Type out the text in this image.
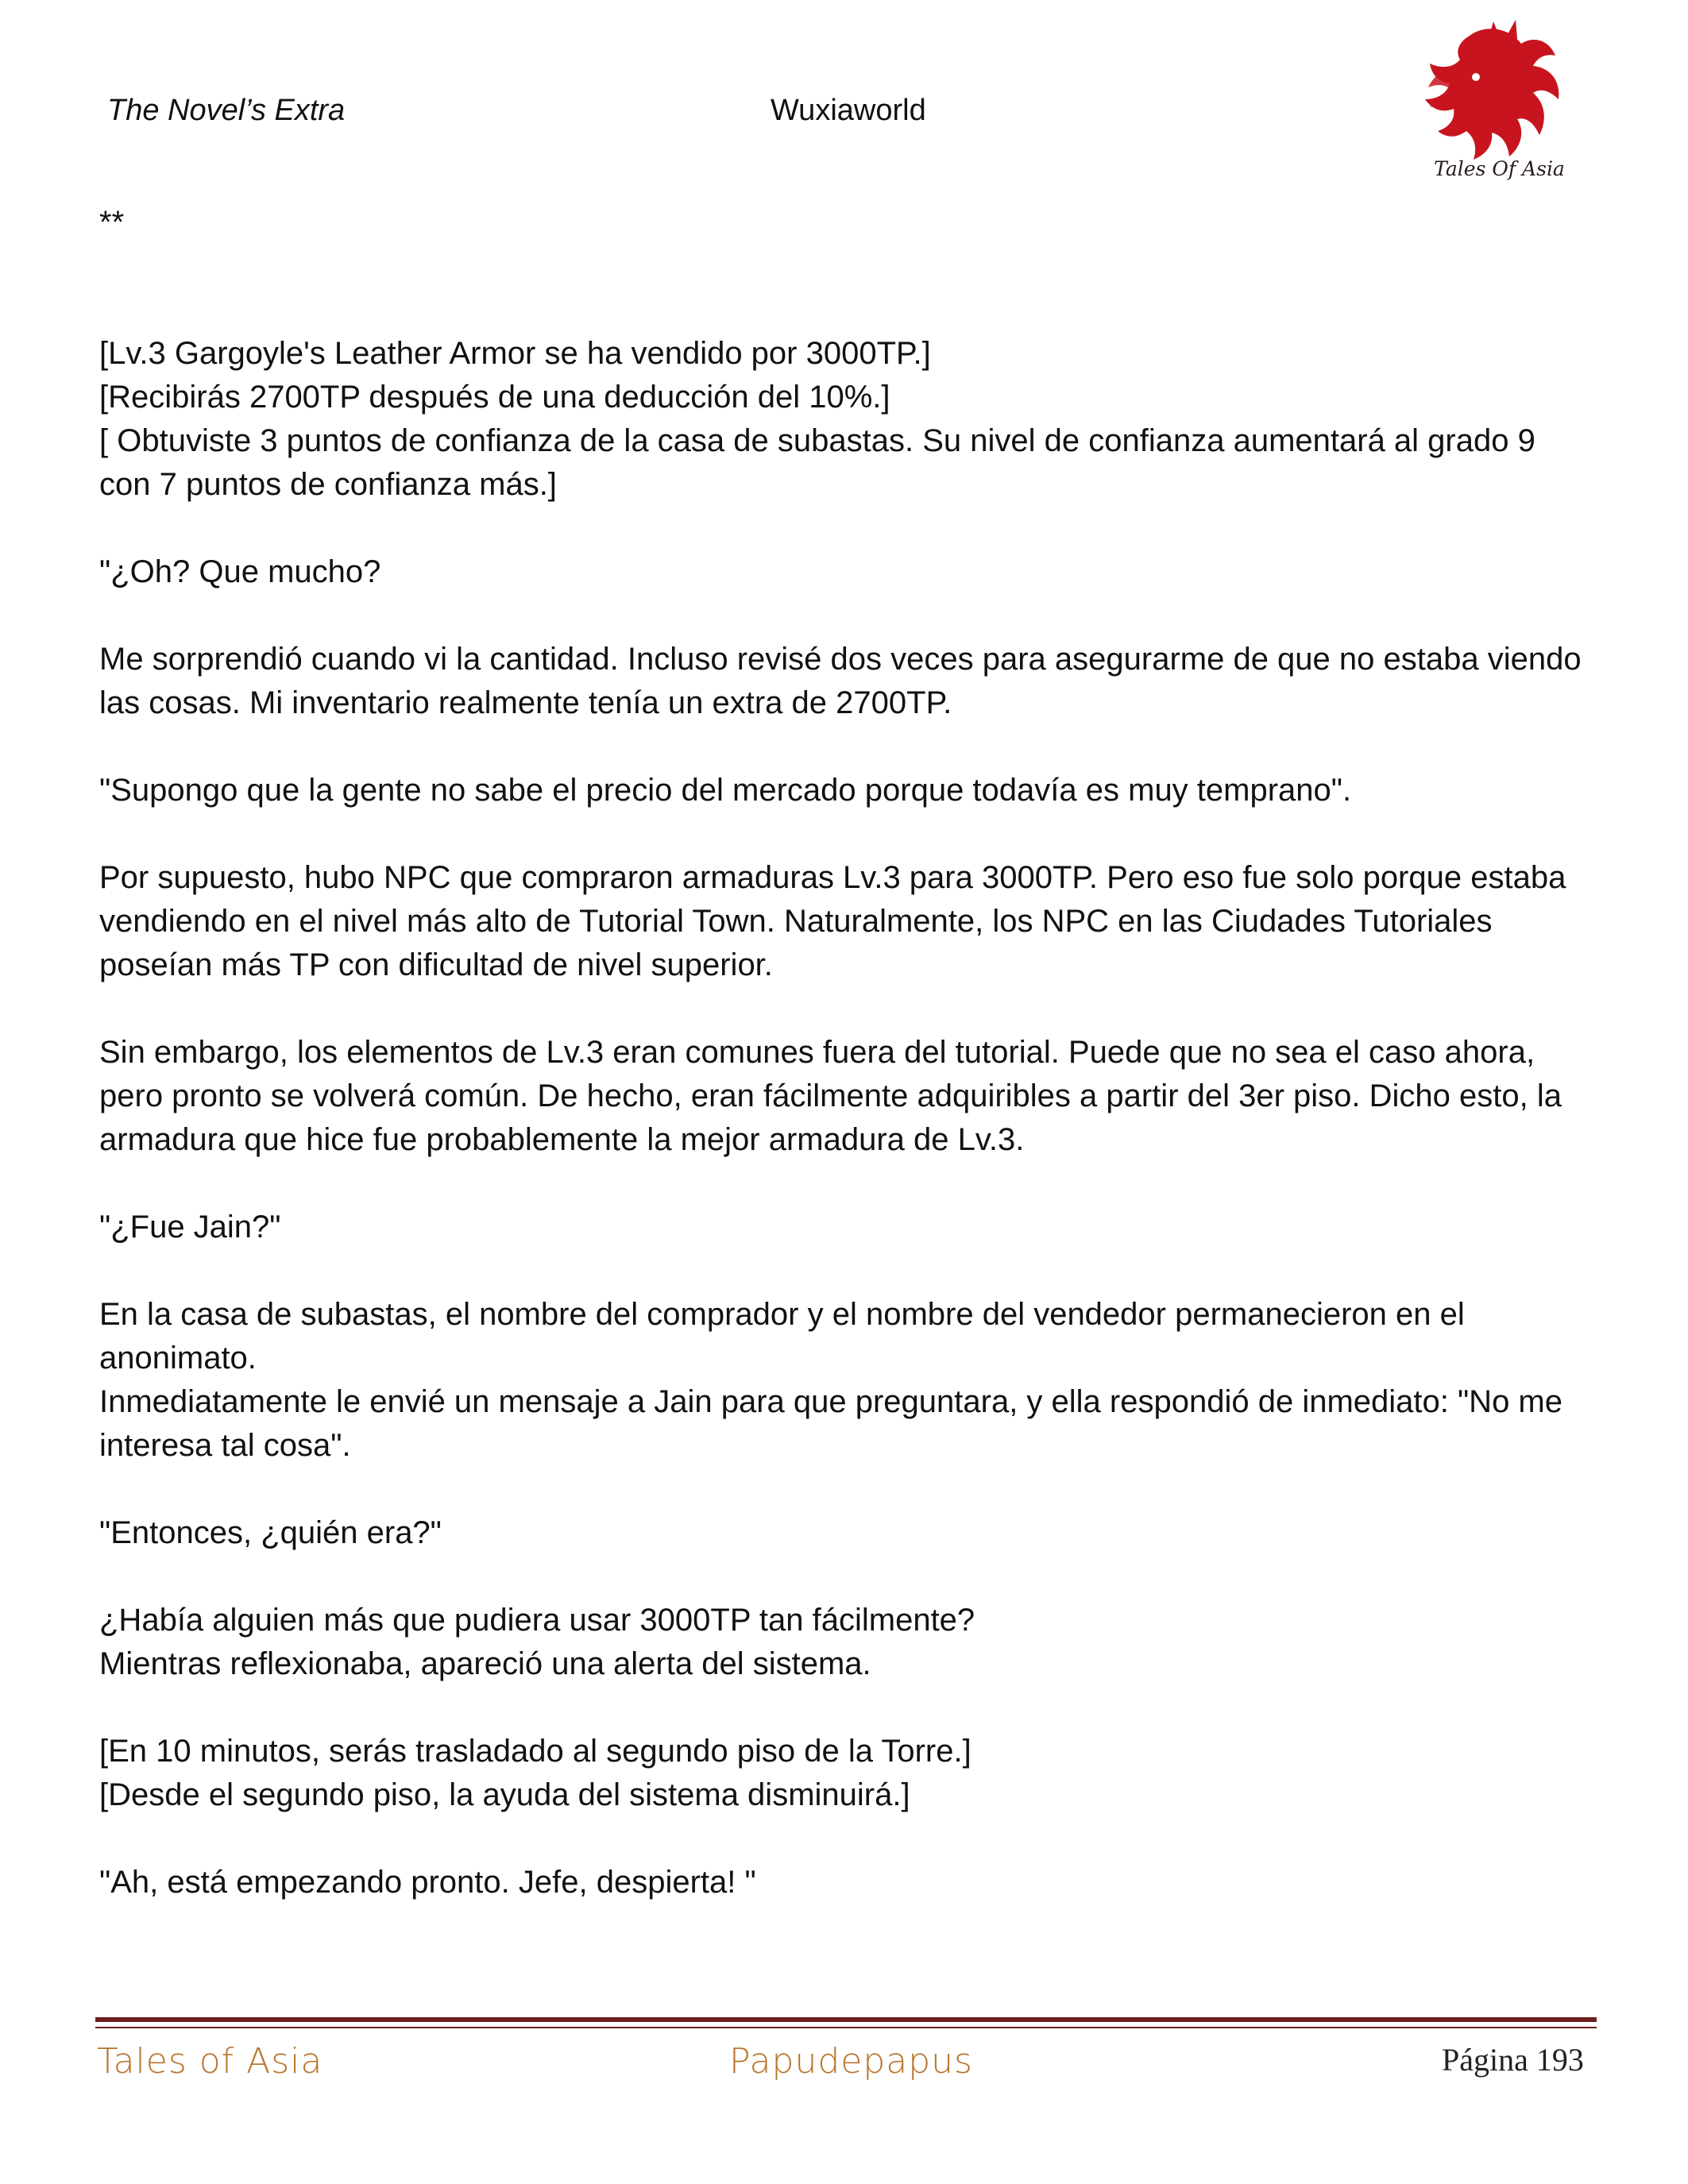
The Novel’s Extra	Wuxiaworld
Tales Of Asia

**

[Lv.3 Gargoyle's Leather Armor se ha vendido por 3000TP.]

[Recibirás 2700TP después de una deducción del 10%.]

[ Obtuviste 3 puntos de confianza de la casa de subastas. Su nivel de confianza aumentará al grado 9 con 7 puntos de confianza más.]

"¿Oh? Que mucho?

Me sorprendió cuando vi la cantidad. Incluso revisé dos veces para asegurarme de que no estaba viendo las cosas. Mi inventario realmente tenía un extra de 2700TP.

"Supongo que la gente no sabe el precio del mercado porque todavía es muy temprano".

Por supuesto, hubo NPC que compraron armaduras Lv.3 para 3000TP. Pero eso fue solo porque estaba vendiendo en el nivel más alto de Tutorial Town. Naturalmente, los NPC en las Ciudades Tutoriales poseían más TP con dificultad de nivel superior.

Sin embargo, los elementos de Lv.3 eran comunes fuera del tutorial. Puede que no sea el caso ahora, pero pronto se volverá común. De hecho, eran fácilmente adquiribles a partir del 3er piso. Dicho esto, la armadura que hice fue probablemente la mejor armadura de Lv.3.

"¿Fue Jain?"

En la casa de subastas, el nombre del comprador y el nombre del vendedor permanecieron en el anonimato.

Inmediatamente le envié un mensaje a Jain para que preguntara, y ella respondió de inmediato: "No me interesa tal cosa".

"Entonces, ¿quién era?"

¿Había alguien más que pudiera usar 3000TP tan fácilmente?

Mientras reflexionaba, apareció una alerta del sistema.

[En 10 minutos, serás trasladado al segundo piso de la Torre.]

[Desde el segundo piso, la ayuda del sistema disminuirá.]

"Ah, está empezando pronto. Jefe, despierta! "

Tales of Asia	Papudepapus	Página 193
